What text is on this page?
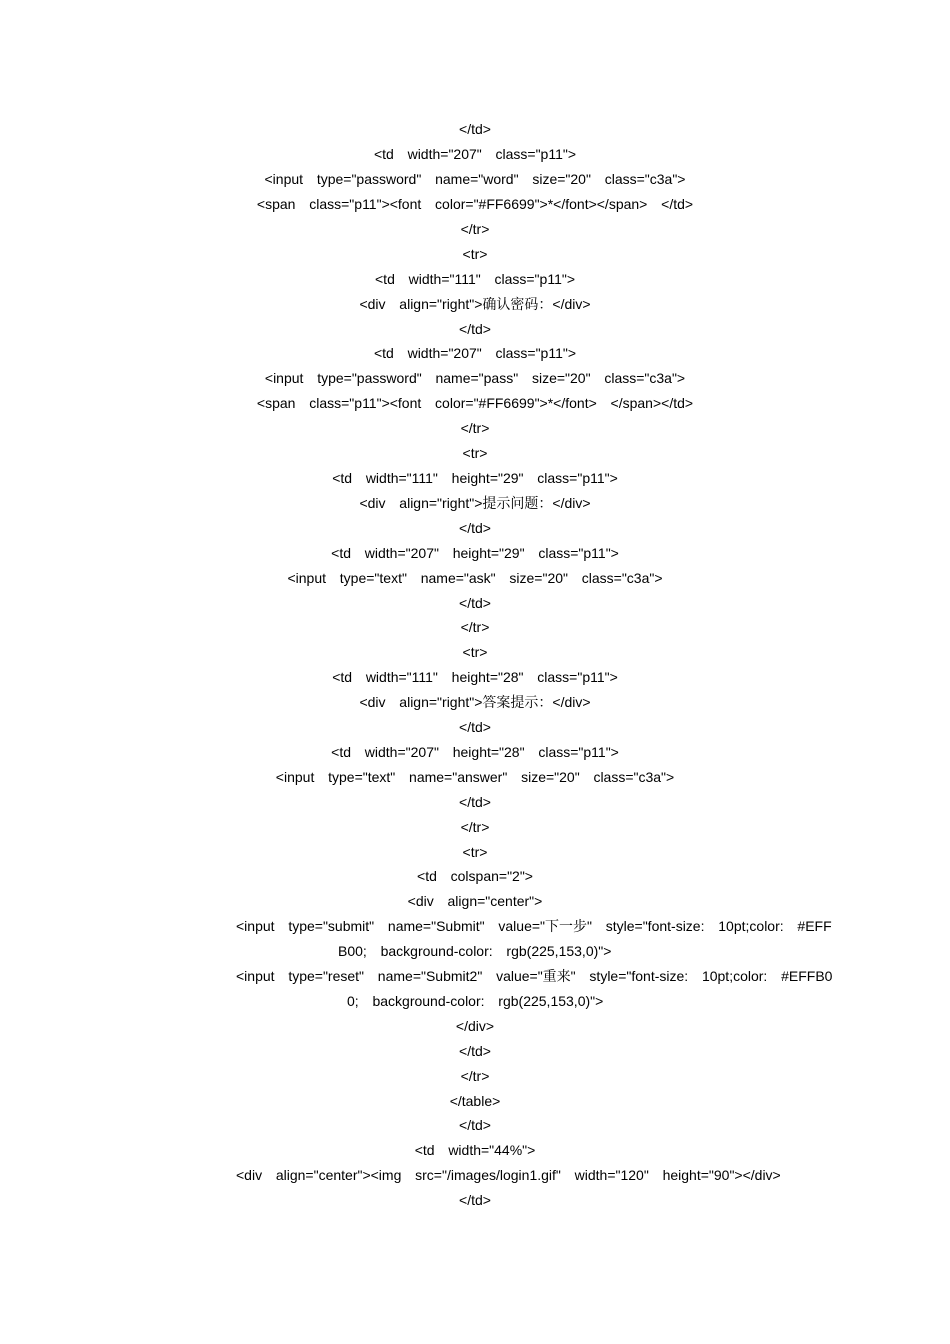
</td>
<td  width="207"  class="p11">
<input  type="password"  name="word"  size="20"  class="c3a">
<span  class="p11"><font  color="#FF6699">*</font></span>  </td>
</tr>
<tr>
<td  width="111"  class="p11">
<div  align="right">确认密码：</div>
</td>
<td  width="207"  class="p11">
<input  type="password"  name="pass"  size="20"  class="c3a">
<span  class="p11"><font  color="#FF6699">*</font>  </span></td>
</tr>
<tr>
<td  width="111"  height="29"  class="p11">
<div  align="right">提示问题：</div>
</td>
<td  width="207"  height="29"  class="p11">
<input  type="text"  name="ask"  size="20"  class="c3a">
</td>
</tr>
<tr>
<td  width="111"  height="28"  class="p11">
<div  align="right">答案提示：</div>
</td>
<td  width="207"  height="28"  class="p11">
<input  type="text"  name="answer"  size="20"  class="c3a">
</td>
</tr>
<tr>
<td  colspan="2">
<div  align="center">
<input  type="submit"  name="Submit"  value="下一步"  style="font-size:  10pt;color:  #EFF
B00;  background-color:  rgb(225,153,0)">
<input  type="reset"  name="Submit2"  value="重来"  style="font-size:  10pt;color:  #EFFB0
0;  background-color:  rgb(225,153,0)">
</div>
</td>
</tr>
</table>
</td>
<td  width="44%">
<div  align="center"><img  src="/images/login1.gif"  width="120"  height="90"></div>
</td>
